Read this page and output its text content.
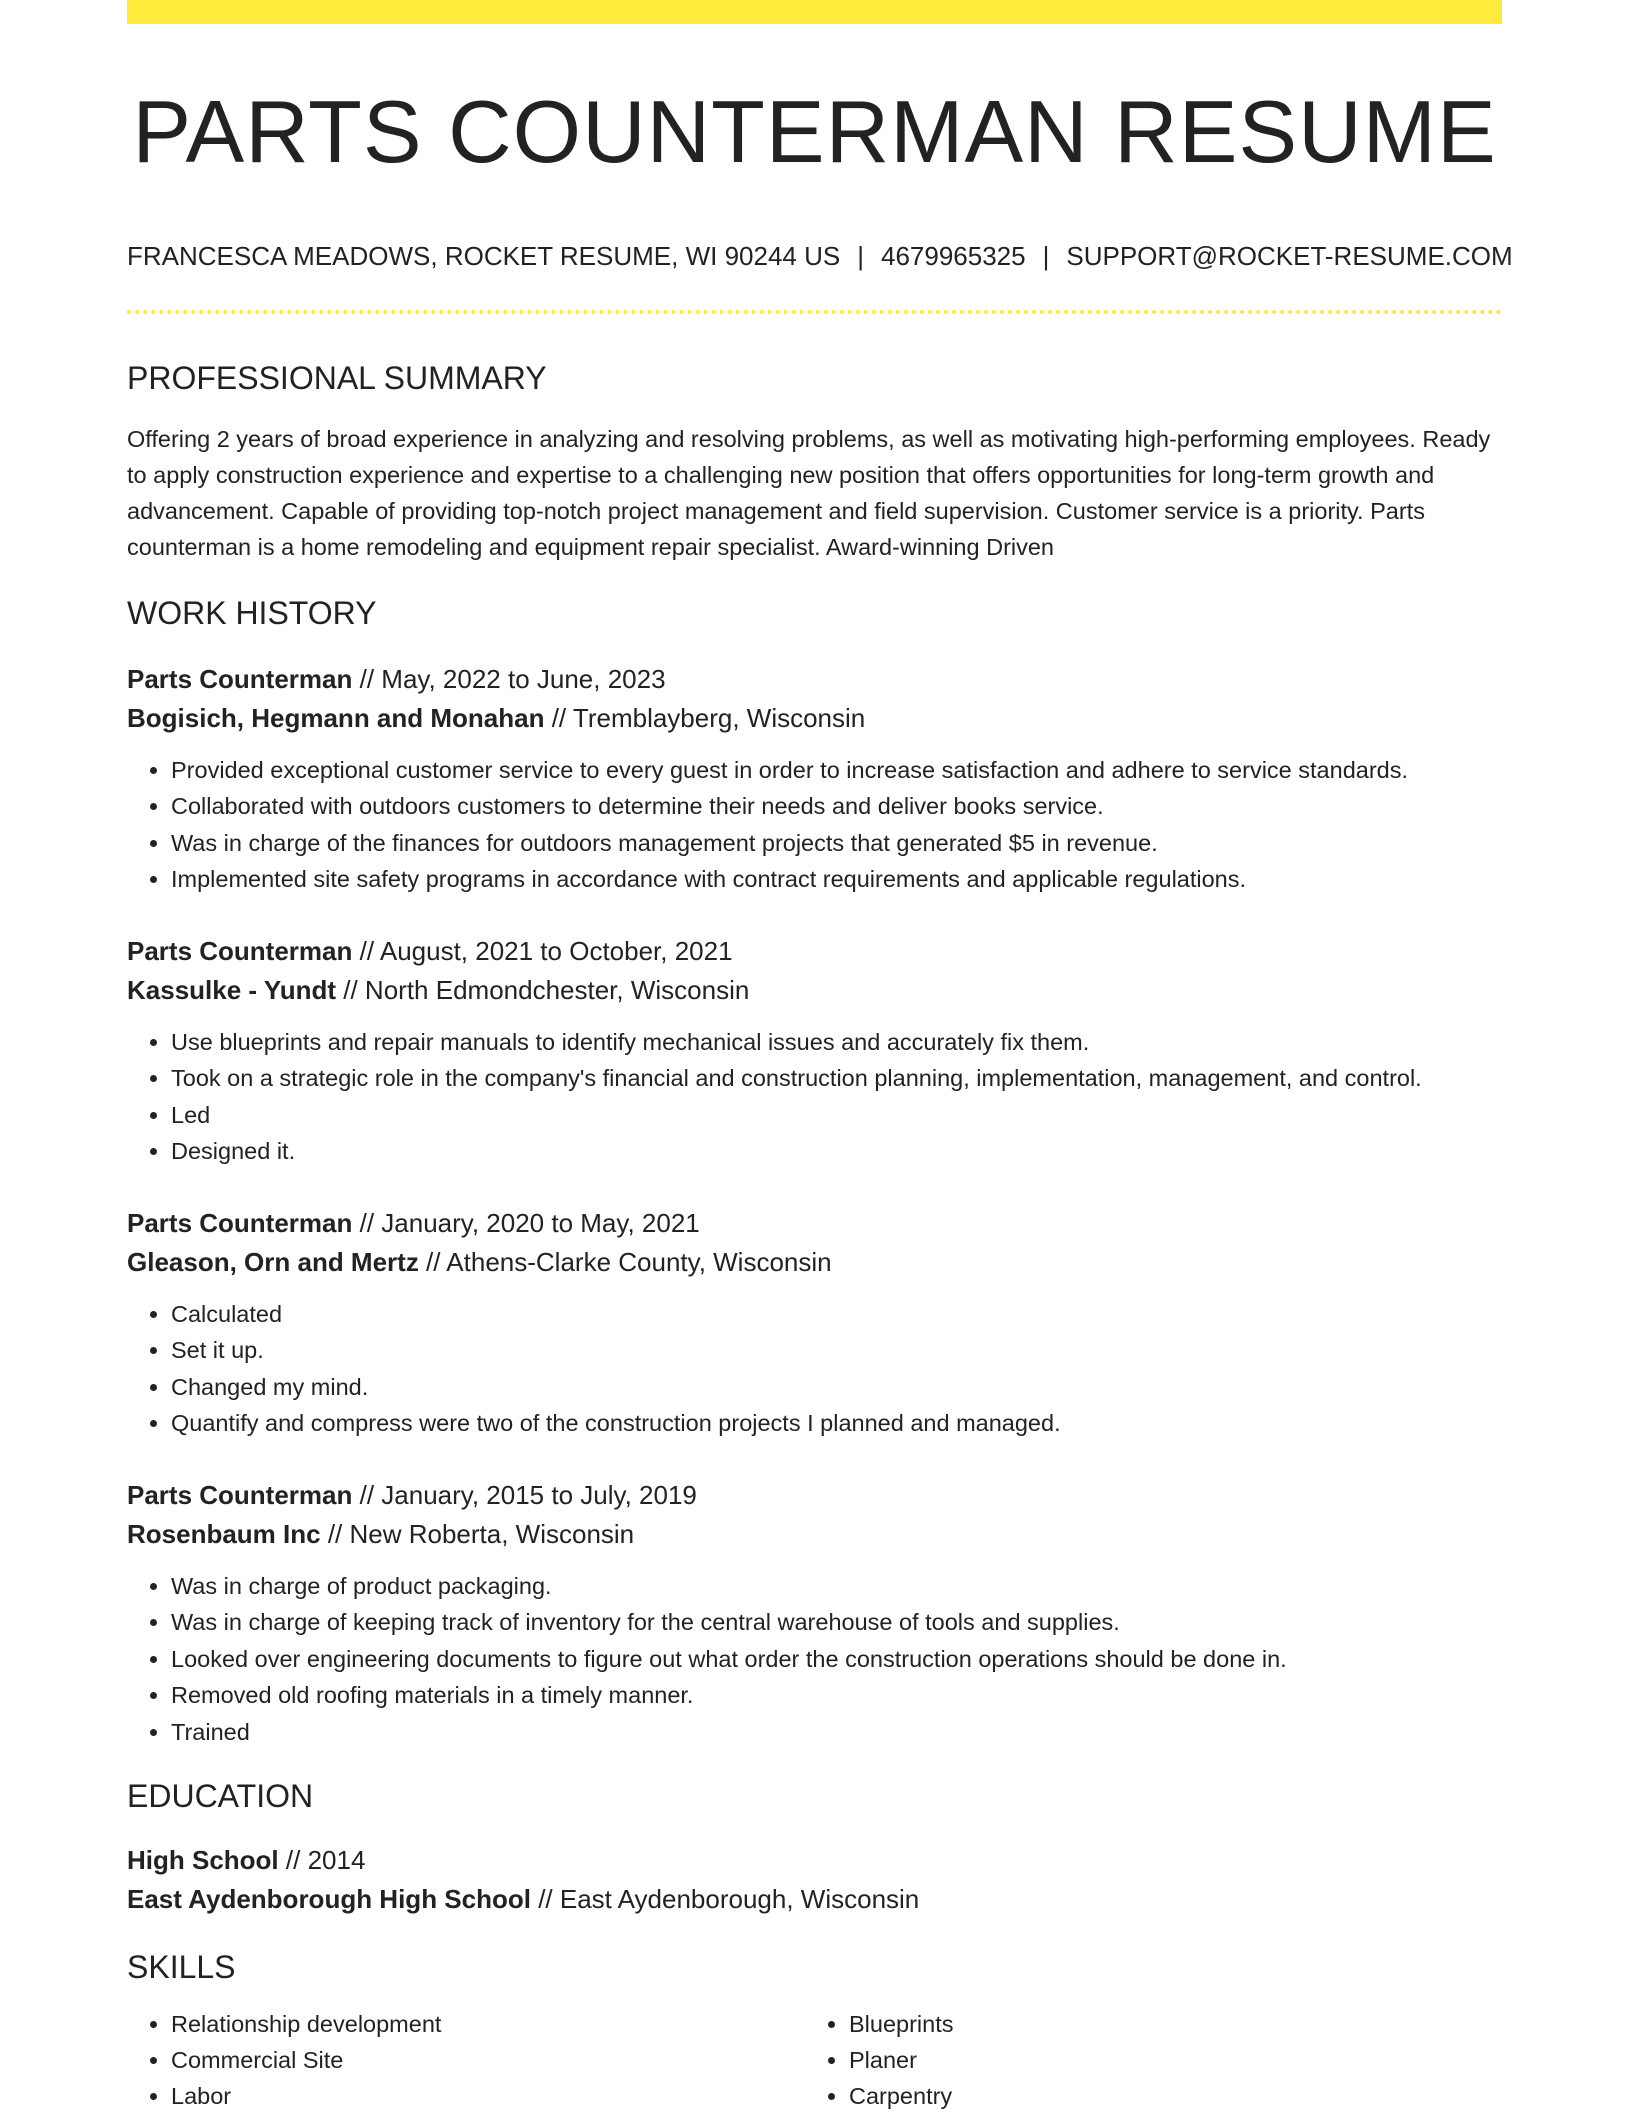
PARTS COUNTERMAN RESUME
FRANCESCA MEADOWS, ROCKET RESUME, WI 90244 US | 4679965325 | SUPPORT@ROCKET-RESUME.COM
PROFESSIONAL SUMMARY
Offering 2 years of broad experience in analyzing and resolving problems, as well as motivating high-performing employees. Ready to apply construction experience and expertise to a challenging new position that offers opportunities for long-term growth and advancement. Capable of providing top-notch project management and field supervision. Customer service is a priority. Parts counterman is a home remodeling and equipment repair specialist. Award-winning Driven
WORK HISTORY
Parts Counterman // May, 2022 to June, 2023
Bogisich, Hegmann and Monahan // Tremblayberg, Wisconsin
• Provided exceptional customer service to every guest in order to increase satisfaction and adhere to service standards.
• Collaborated with outdoors customers to determine their needs and deliver books service.
• Was in charge of the finances for outdoors management projects that generated $5 in revenue.
• Implemented site safety programs in accordance with contract requirements and applicable regulations.
Parts Counterman // August, 2021 to October, 2021
Kassulke - Yundt // North Edmondchester, Wisconsin
• Use blueprints and repair manuals to identify mechanical issues and accurately fix them.
• Took on a strategic role in the company's financial and construction planning, implementation, management, and control.
• Led
• Designed it.
Parts Counterman // January, 2020 to May, 2021
Gleason, Orn and Mertz // Athens-Clarke County, Wisconsin
• Calculated
• Set it up.
• Changed my mind.
• Quantify and compress were two of the construction projects I planned and managed.
Parts Counterman // January, 2015 to July, 2019
Rosenbaum Inc // New Roberta, Wisconsin
• Was in charge of product packaging.
• Was in charge of keeping track of inventory for the central warehouse of tools and supplies.
• Looked over engineering documents to figure out what order the construction operations should be done in.
• Removed old roofing materials in a timely manner.
• Trained
EDUCATION
High School // 2014
East Aydenborough High School // East Aydenborough, Wisconsin
SKILLS
• Relationship development
• Commercial Site
• Labor
• Blueprints
• Planer
• Carpentry
